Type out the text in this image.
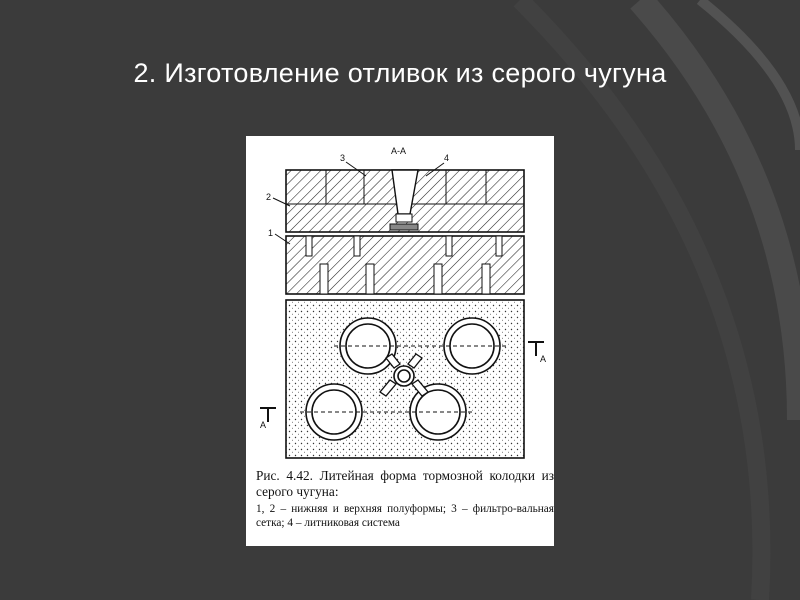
2. Изготовление отливок из серого чугуна
А-А
3	4
2
1
A
A
Рис. 4.42. Литейная форма тормозной колодки из серого чугуна:
1, 2 – нижняя и верхняя полуформы; 3 – фильтро-вальная сетка; 4 – литниковая система
